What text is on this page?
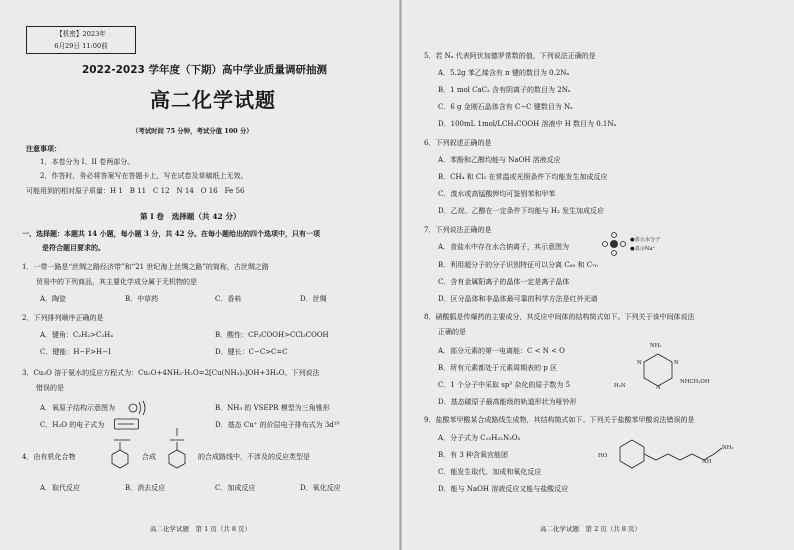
【机密】2023年
6月29日 11:00前
2022-2023 学年度（下期）高中学业质量调研抽测
高二化学试题
（考试时间 75 分钟，考试分值 100 分）
注意事项：
1．本卷分为 I、II 卷两部分。
2．作答时，务必将答案写在答题卡上，写在试卷及草稿纸上无效。
可能用到的相对原子质量：H 1　B 11　C 12　N 14　O 16　Fe 56
第 I 卷　选择题（共 42 分）
一、选择题：本题共 14 小题，每小题 3 分，共 42 分。在每小题给出的四个选项中，只有一项
是符合题目要求的。
1．一带一路是“丝绸之路经济带”和“21 世纪海上丝绸之路”的简称，古丝绸之路
贸易中的下列商品，其主要化学成分属于无机物的是
A．陶瓷	B．中草药	C．香料	D．丝绸
2．下列排列顺序正确的是
A．键角：C₂H₂>C₂H₄	B．酸性：CF₃COOH>CCl₃COOH
C．键能：H−F>H−I	D．键长：C−C>C=C
3．Cu₂O 溶于氨水的反应方程式为：Cu₂O+4NH₃·H₂O=2[Cu(NH₃)₂]OH+3H₂O。下列说法
错误的是
A．氧原子结构示意图为	B．NH₃ 的 VSEPR 模型为三角锥形
C．H₂O 的电子式为	D．基态 Cu⁺ 的价层电子排布式为 3d¹⁰
4．由有机化合物	合成	的合成路线中，不涉及的反应类型是
A．取代反应	B．消去反应	C．加成反应	D．氧化反应
高二化学试题　第 1 页（共 8 页）
5．若 Nₐ 代表阿伏加德罗常数的值，下列说法正确的是
A．5.2g 苯乙烯含有 π 键的数目为 0.2Nₐ
B．1 mol CaC₂ 含有阴离子的数目为 2Nₐ
C．6 g 金刚石晶体含有 C−C 键数目为 Nₐ
D．100mL 1mol/LCH₃COOH 溶液中 H 数目为 0.1Nₐ
6．下列叙述正确的是
A．苯酚和乙醇均能与 NaOH 溶液反应
B．CH₄ 和 Cl₂ 在常温或光照条件下均能发生加成反应
C．溴水或高锰酸钾均可鉴别苯和甲苯
D．乙烷、乙醇在一定条件下均能与 H₂ 发生加成反应
7．下列说法正确的是
A．食盐水中存在水合钠离子，其示意图为
●表示水分子
●表示Na⁺
B．利用超分子的分子识别特征可以分离 C₆₀ 和 C₇₀
C．含有金属阳离子的晶体一定是离子晶体
D．区分晶体和非晶体最可靠的科学方法是红外光谱
8．硝酸胍是传爆药的主要成分，其反应中间体的结构简式如下。下列关于该中间体说法
正确的是
A．部分元素的第一电离能：C < N < O
B．所有元素都处于元素周期表的 p 区
C．1 个分子中采取 sp³ 杂化的原子数为 5
D．基态碳原子最高能级的轨道形状为哑铃形
NH₂
N	N
H₂N	N
NHCH₂OH
9．盐酸苯甲酸某合成路线生成物，其结构简式如下。下列关于盐酸苯甲酸说法错误的是
A．分子式为 C₁₅H₂₂N₂O₂
B．有 3 种含氧官能团
C．能发生取代、加成和氧化反应
D．能与 NaOH 溶液反应又能与盐酸反应
HO
NH
NH₂
高二化学试题　第 2 页（共 8 页）
